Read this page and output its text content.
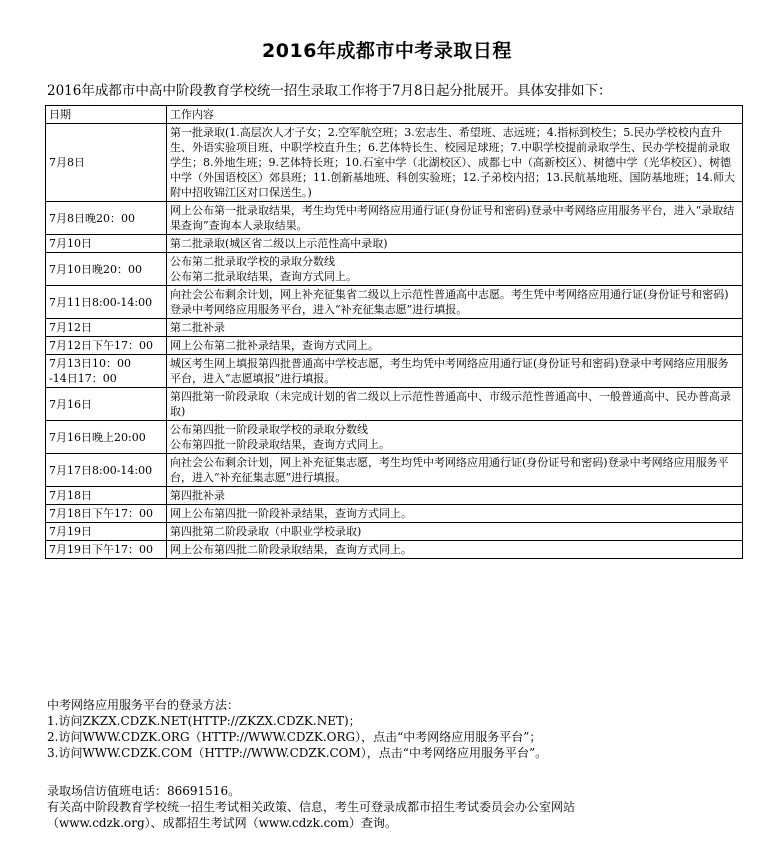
2016年成都市中考录取日程
2016年成都市中高中阶段教育学校统一招生录取工作将于7月8日起分批展开。具体安排如下：
日期	工作内容
7月8日	第一批录取(1.高层次人才子女；2.空军航空班；3.宏志生、希望班、志远班；4.指标到校生；5.民办学校校内直升生、外语实验项目班、中职学校直升生；6.艺体特长生、校园足球班；7.中职学校提前录取学生、民办学校提前录取学生；8.外地生班；9.艺体特长班；10.石室中学（北湖校区）、成都七中（高新校区）、树德中学（光华校区）、树德中学（外国语校区）郊县班；11.创新基地班、科创实验班；12.子弟校内招；13.民航基地班、国防基地班；14.师大附中招收锦江区对口保送生。)
7月8日晚20：00	网上公布第一批录取结果，考生均凭中考网络应用通行证(身份证号和密码)登录中考网络应用服务平台，进入“录取结果查询”查询本人录取结果。
7月10日	第二批录取(城区省二级以上示范性高中录取)
7月10日晚20：00	公布第二批录取学校的录取分数线
公布第二批录取结果，查询方式同上。
7月11日8:00-14:00	向社会公布剩余计划，网上补充征集省二级以上示范性普通高中志愿。考生凭中考网络应用通行证(身份证号和密码)登录中考网络应用服务平台，进入“补充征集志愿”进行填报。
7月12日	第二批补录
7月12日下午17：00	网上公布第二批补录结果，查询方式同上。
7月13日10：00
-14日17：00	城区考生网上填报第四批普通高中学校志愿，考生均凭中考网络应用通行证(身份证号和密码)登录中考网络应用服务平台，进入“志愿填报”进行填报。
7月16日	第四批第一阶段录取（未完成计划的省二级以上示范性普通高中、市级示范性普通高中、一般普通高中、民办普高录取)
7月16日晚上20:00	公布第四批一阶段录取学校的录取分数线
公布第四批一阶段录取结果，查询方式同上。
7月17日8:00-14:00	向社会公布剩余计划，网上补充征集志愿，考生均凭中考网络应用通行证(身份证号和密码)登录中考网络应用服务平台，进入“补充征集志愿”进行填报。
7月18日	第四批补录
7月18日下午17：00	网上公布第四批一阶段补录结果，查询方式同上。
7月19日	第四批第二阶段录取（中职业学校录取)
7月19日下午17：00	网上公布第四批二阶段录取结果，查询方式同上。
中考网络应用服务平台的登录方法：
1.访问ZKZX.CDZK.NET(HTTP://ZKZX.CDZK.NET)；
2.访问WWW.CDZK.ORG（HTTP://WWW.CDZK.ORG），点击“中考网络应用服务平台”；
3.访问WWW.CDZK.COM（HTTP://WWW.CDZK.COM），点击“中考网络应用服务平台”。
录取场信访值班电话：86691516。
有关高中阶段教育学校统一招生考试相关政策、信息，考生可登录成都市招生考试委员会办公室网站
（www.cdzk.org）、成都招生考试网（www.cdzk.com）查询。
